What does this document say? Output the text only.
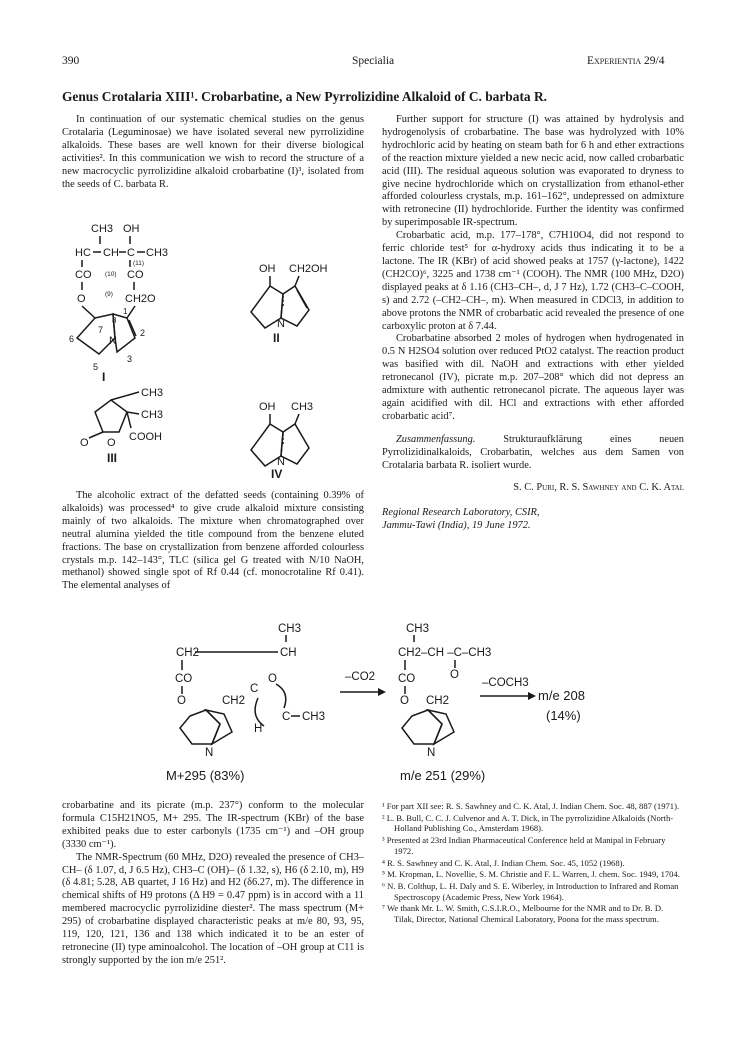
390	Specialia	Experientia 29/4
Genus Crotalaria XIII¹. Crobarbatine, a New Pyrrolizidine Alkaloid of C. barbata R.

In continuation of our systematic chemical studies on the genus Crotalaria (Leguminosae) we have isolated several new pyrrolizidine alkaloids. These bases are well known for their diverse biological activities². In this communication we wish to record the structure of a new macrocyclic pyrrolizidine alkaloid crobarbatine (I)³, isolated from the seeds of C. barbata R.

CH3 OH
HC CH C CH3
(11)
CO (10) CO
(9)
O	CH2O
N
6
7
8
1
2
3
5
I
OH CH2OH
N
II
O O
CH3
CH3
COOH
III
OH CH3
N
IV

The alcoholic extract of the defatted seeds (containing 0.39% of alkaloids) was processed⁴ to give crude alkaloid mixture consisting mainly of two alkaloids. The mixture when chromatographed over neutral alumina yielded the title compound from the benzene eluted fractions. The base on crystallization from benzene afforded colourless crystals m.p. 142–143°, TLC (silica gel G treated with N/10 NaOH, methanol) showed single spot of Rf 0.44 (cf. monocrotaline Rf 0.41). The elemental analyses of

Further support for structure (I) was attained by hydrolysis and hydrogenolysis of crobarbatine. The base was hydrolyzed with 10% hydrochloric acid by heating on steam bath for 6 h and ether extractions of the reaction mixture yielded a new necic acid, now called crobarbatic acid (III). The residual aqueous solution was evaporated to dryness to give necine hydrochloride which on crystallization from ethanol-ether afforded colourless crystals, m.p. 161–162°, undepressed on admixture with retronecine (II) hydrochloride. Further the identity was confirmed by superimposable IR-spectrum.

Crobarbatic acid, m.p. 177–178°, C7H10O4, did not respond to ferric chloride test⁵ for α-hydroxy acids thus indicating it to be a lactone. The IR (KBr) of acid showed peaks at 1757 (γ-lactone), 1422 (CH2CO)⁶, 3225 and 1738 cm⁻¹ (COOH). The NMR (100 MHz, D2O) displayed peaks at δ 1.16 (CH3–CH–, d, J 7 Hz), 1.72 (CH3–C–COOH, s) and 2.72 (–CH2–CH–, m). When measured in CDCl3, in addition to above protons the NMR of crobarbatic acid revealed the presence of one carboxylic proton at δ 7.44.

Crobarbatine absorbed 2 moles of hydrogen when hydrogenated in 0.5 N H2SO4 solution over reduced PtO2 catalyst. The reaction product was basified with dil. NaOH and extractions with ether yielded retronecanol (IV), picrate m.p. 207–208° which did not depress an admixture with authentic retronecanol picrate. The aqueous layer was again acidified with dil. HCl and extractions with ether afforded crobarbatic acid⁷.

Zusammenfassung.	Strukturaufklärung eines neuen Pyrrolizidinalkaloids, Crobarbatin, welches aus dem Samen von Crotalaria barbata R. isoliert wurde.

S. C. Puri, R. S. Sawhney and C. K. Atal
Regional Research Laboratory, CSIR,
Jammu-Tawi (India), 19 June 1972.
CH3
CH2	CH
CO
O	CH2
C
O
H
C CH3
N
M+295 (83%)
–CO2
CH3
CH2–CH –C–CH3
O
CO
O CH2
N
m/e 251 (29%)
–COCH3
m/e 208
(14%)

crobarbatine and its picrate (m.p. 237°) conform to the molecular formula C15H21NO5, M+ 295. The IR-spectrum (KBr) of the base exhibited peaks due to ester carbonyls (1735 cm⁻¹) and –OH group (3330 cm⁻¹).

The NMR-Spectrum (60 MHz, D2O) revealed the presence of CH3–CH– (δ 1.07, d, J 6.5 Hz), CH3–C (OH)– (δ 1.32, s), H6 (δ 2.10, m), H9 (δ 4.81; 5.28, AB quartet, J 16 Hz) and H2 (δ6.27, m). The difference in chemical shifts of H9 protons (Δ H9 = 0.47 ppm) is in accord with a 11 membered macrocyclic pyrrolizidine diester². The mass spectrum (M+ 295) of crobarbatine displayed characteristic peaks at m/e 80, 93, 95, 119, 120, 121, 136 and 138 which indicated it to be an ester of retronecine (II) type aminoalcohol. The location of –OH group at C11 is strongly supported by the ion m/e 251².

¹ For part XII see: R. S. Sawhney and C. K. Atal, J. Indian Chem. Soc. 48, 887 (1971).
² L. B. Bull, C. C. J. Culvenor and A. T. Dick, in The pyrrolizidine Alkaloids (North-Holland Publishing Co., Amsterdam 1968).
³ Presented at 23rd Indian Pharmaceutical Conference held at Manipal in February 1972.
⁴ R. S. Sawhney and C. K. Atal, J. Indian Chem. Soc. 45, 1052 (1968).
⁵ M. Kropman, L. Novellie, S. M. Christie and F. L. Warren, J. chem. Soc. 1949, 1704.
⁶ N. B. Colthup, L. H. Daly and S. E. Wiberley, in Introduction to Infrared and Roman Spectroscopy (Academic Press, New York 1964).
⁷ We thank Mr. L. W. Smith, C.S.I.R.O., Melbourne for the NMR and to Dr. B. D. Tilak, Director, National Chemical Laboratory, Poona for the mass spectrum.
